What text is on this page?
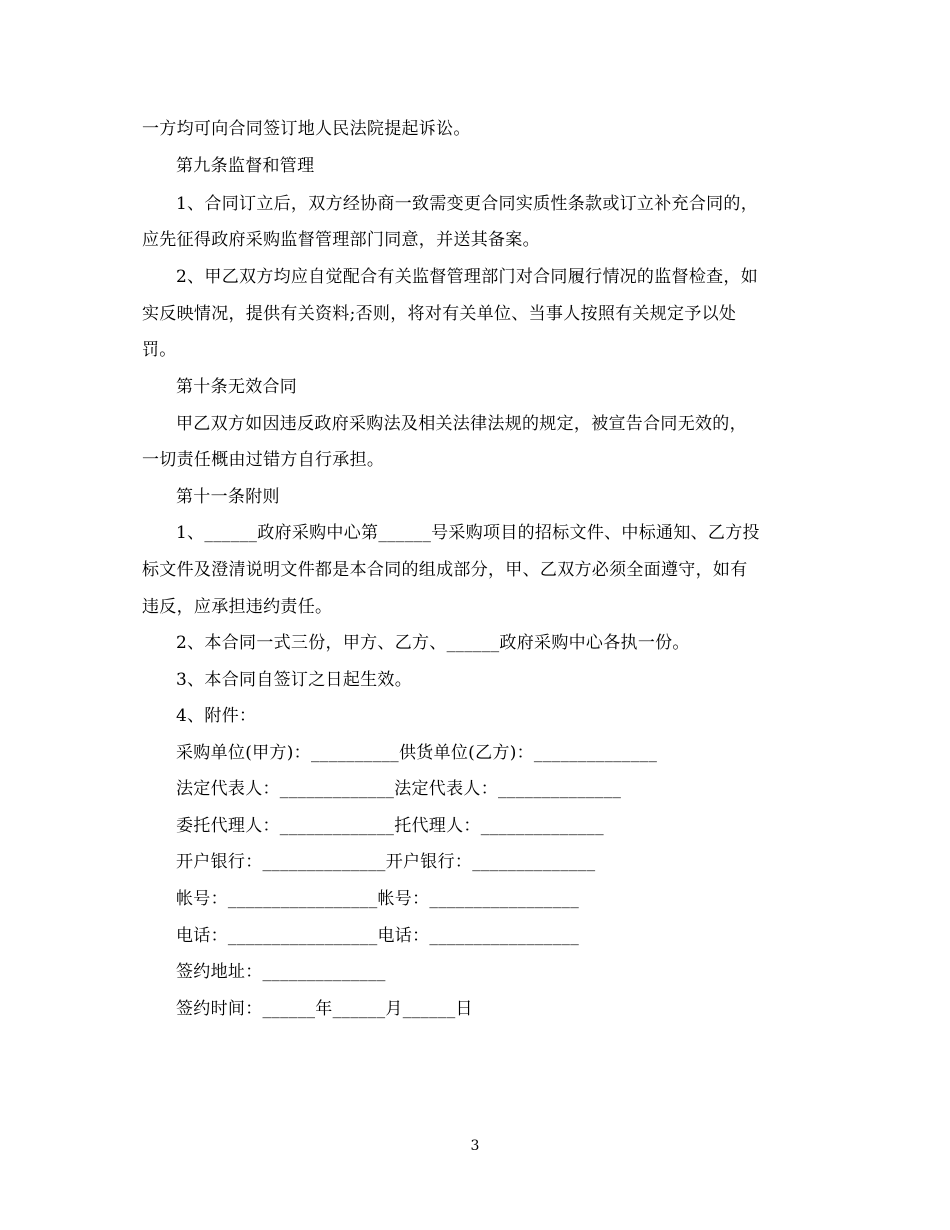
一方均可向合同签订地人民法院提起诉讼。
第九条监督和管理
1、合同订立后，双方经协商一致需变更合同实质性条款或订立补充合同的，
应先征得政府采购监督管理部门同意，并送其备案。
2、甲乙双方均应自觉配合有关监督管理部门对合同履行情况的监督检查，如
实反映情况，提供有关资料;否则，将对有关单位、当事人按照有关规定予以处
罚。
第十条无效合同
甲乙双方如因违反政府采购法及相关法律法规的规定，被宣告合同无效的，
一切责任概由过错方自行承担。
第十一条附则
1、______政府采购中心第______号采购项目的招标文件、中标通知、乙方投
标文件及澄清说明文件都是本合同的组成部分，甲、乙双方必须全面遵守，如有
违反，应承担违约责任。
2、本合同一式三份，甲方、乙方、______政府采购中心各执一份。
3、本合同自签订之日起生效。
4、附件：
采购单位(甲方)：__________供货单位(乙方)：______________
法定代表人：_____________法定代表人：______________
委托代理人：_____________托代理人：______________
开户银行：______________开户银行：______________
帐号：_________________帐号：_________________
电话：_________________电话：_________________
签约地址：______________
签约时间：______年______月______日
3
